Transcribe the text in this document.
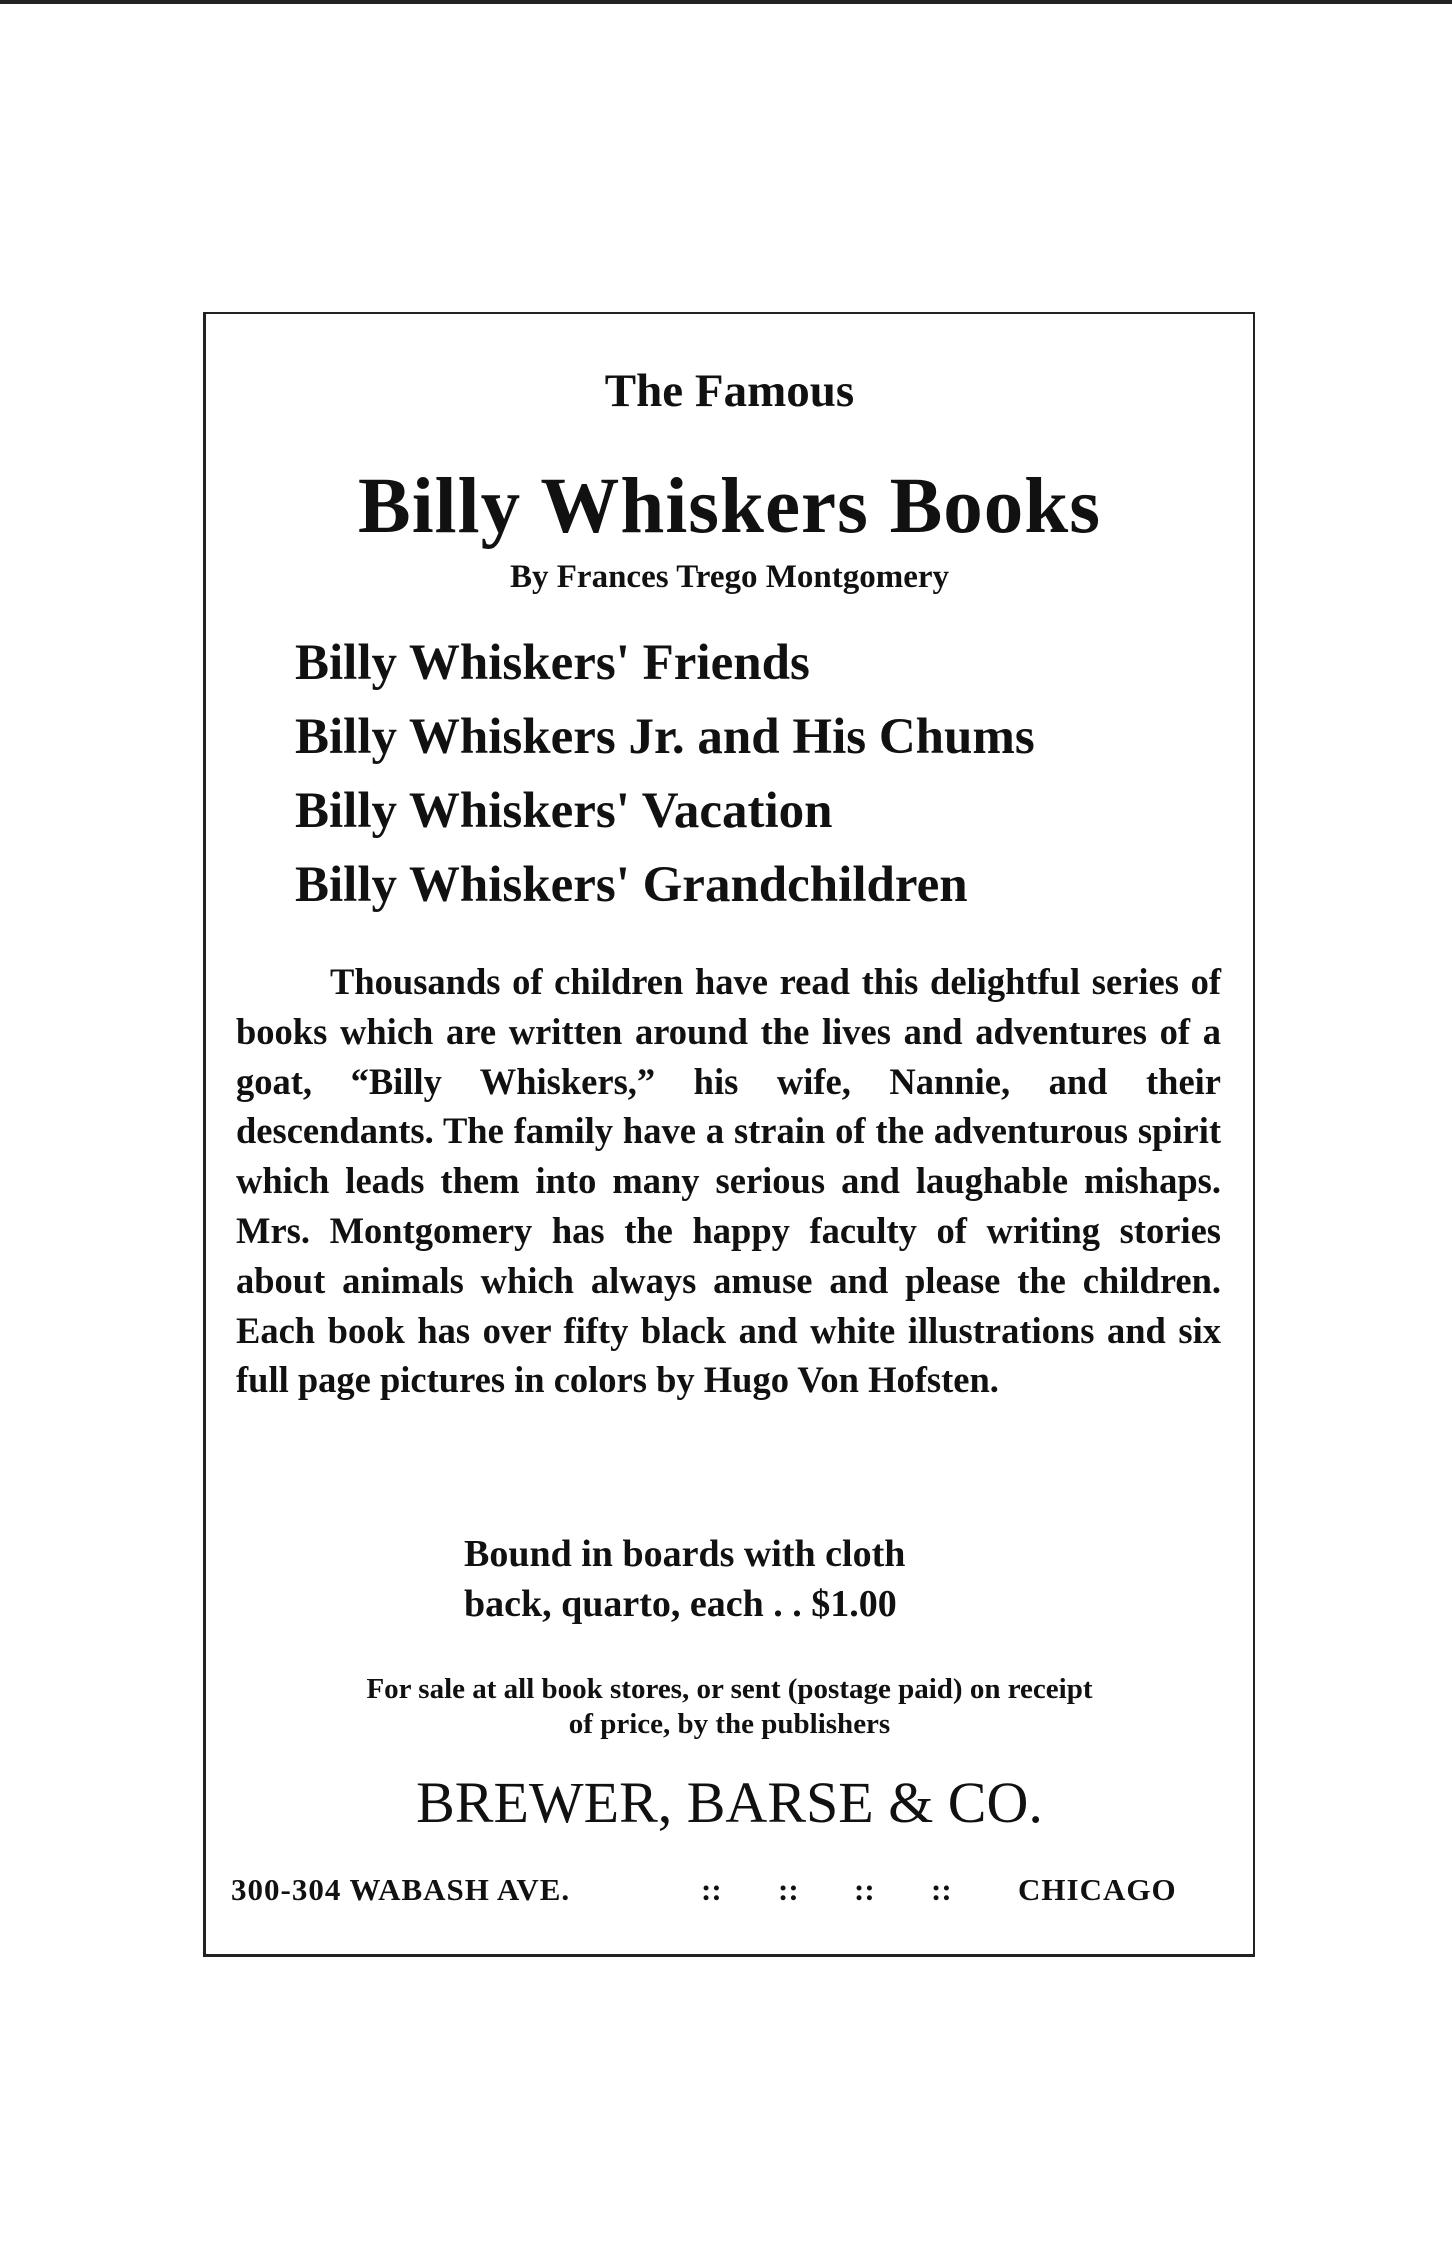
The Famous
Billy Whiskers Books
By Frances Trego Montgomery
Billy Whiskers' Friends
Billy Whiskers Jr. and His Chums
Billy Whiskers' Vacation
Billy Whiskers' Grandchildren
Thousands of children have read this delightful series of books which are written around the lives and adventures of a goat, “Billy Whiskers,” his wife, Nannie, and their descendants. The family have a strain of the adventurous spirit which leads them into many serious and laughable mishaps. Mrs. Montgomery has the happy faculty of writing stories about animals which always amuse and please the children. Each book has over fifty black and white illustrations and six full page pictures in colors by Hugo Von Hofsten.
Bound in boards with cloth
back, quarto, each . . $1.00
For sale at all book stores, or sent (postage paid) on receipt
of price, by the publishers
BREWER, BARSE & CO.
300-304 WABASH AVE.	:: :: :: :: CHICAGO
